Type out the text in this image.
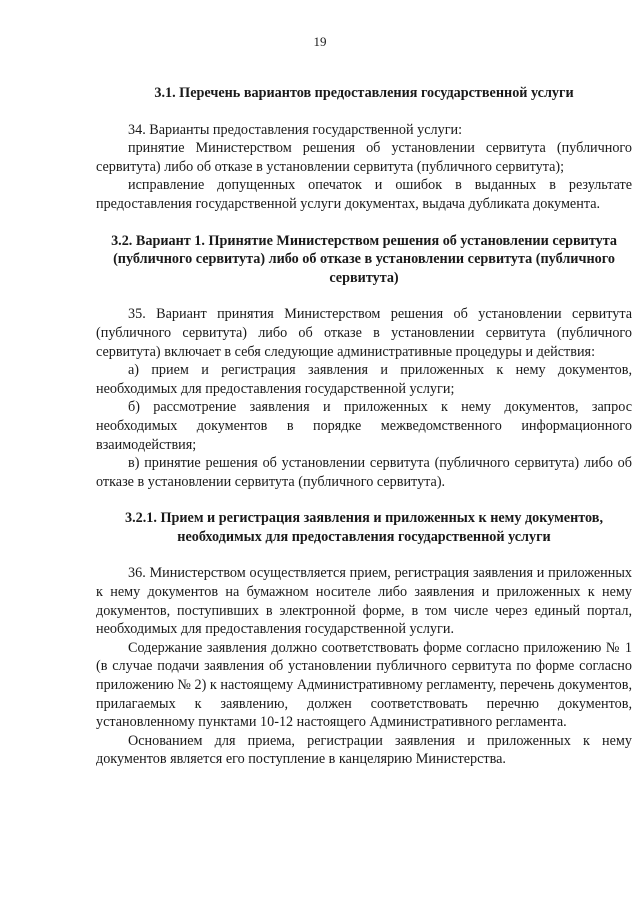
19
3.1. Перечень вариантов предоставления государственной услуги

34. Варианты предоставления государственной услуги:

принятие Министерством решения об установлении сервитута (публичного сервитута) либо об отказе в установлении сервитута (публичного сервитута);

исправление допущенных опечаток и ошибок в выданных в результате предоставления государственной услуги документах, выдача дубликата документа.

3.2. Вариант 1. Принятие Министерством решения об установлении сервитута (публичного сервитута) либо об отказе в установлении сервитута (публичного сервитута)

35. Вариант принятия Министерством решения об установлении сервитута (публичного сервитута) либо об отказе в установлении сервитута (публичного сервитута) включает в себя следующие административные процедуры и действия:

а) прием и регистрация заявления и приложенных к нему документов, необходимых для предоставления государственной услуги;

б) рассмотрение заявления и приложенных к нему документов, запрос необходимых документов в порядке межведомственного информационного взаимодействия;

в) принятие решения об установлении сервитута (публичного сервитута) либо об отказе в установлении сервитута (публичного сервитута).

3.2.1. Прием и регистрация заявления и приложенных к нему документов, необходимых для предоставления государственной услуги

36. Министерством осуществляется прием, регистрация заявления и приложенных к нему документов на бумажном носителе либо заявления и приложенных к нему документов, поступивших в электронной форме, в том числе через единый портал, необходимых для предоставления государственной услуги.

Содержание заявления должно соответствовать форме согласно приложению № 1 (в случае подачи заявления об установлении публичного сервитута по форме согласно приложению № 2) к настоящему Административному регламенту, перечень документов, прилагаемых к заявлению, должен соответствовать перечню документов, установленному пунктами 10-12 настоящего Административного регламента.

Основанием для приема, регистрации заявления и приложенных к нему документов является его поступление в канцелярию Министерства.
